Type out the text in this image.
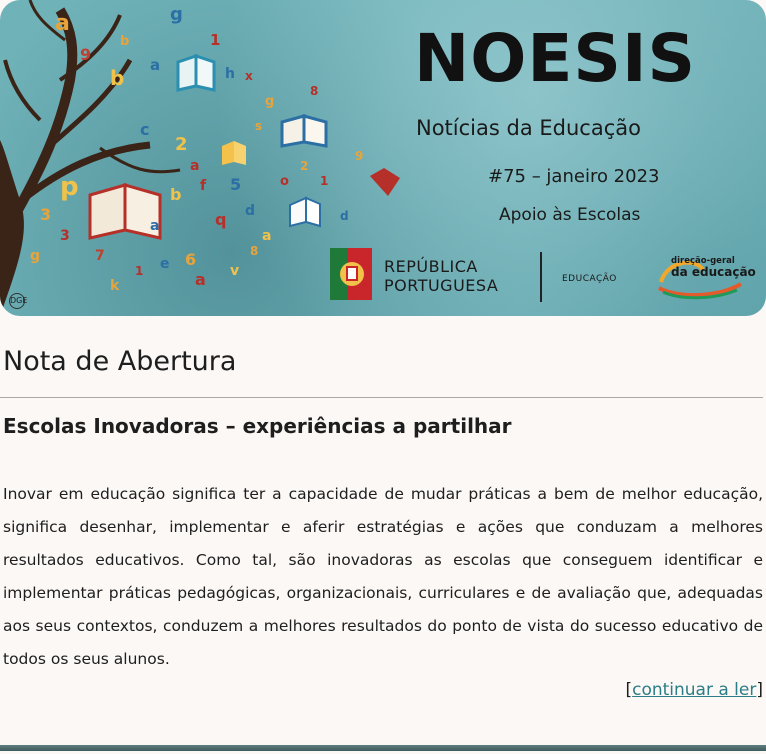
a
9
b
a
g
b	1
h x
g
c
2
a
s
p
3
3
g	7
a
b f 5
q d
a
o
2
1
6
e	v
8
a
k
1
d
9
8 NOESIS
Notícias da Educação
#75 – janeiro 2023
Apoio às Escolas
REPÚBLICA
PORTUGUESA	EDUCAÇÃO
direção-geral
da educação
DGE
Nota de Abertura
Escolas Inovadoras – experiências a partilhar
Inovar em educação significa ter a capacidade de mudar práticas a bem de melhor educação, significa desenhar, implementar e aferir estratégias e ações que conduzam a melhores resultados educativos. Como tal, são inovadoras as escolas que conseguem identificar e implementar práticas pedagógicas, organizacionais, curriculares e de avaliação que, adequadas aos seus contextos, conduzem a melhores resultados do ponto de vista do sucesso educativo de todos os seus alunos.
[continuar a ler]
